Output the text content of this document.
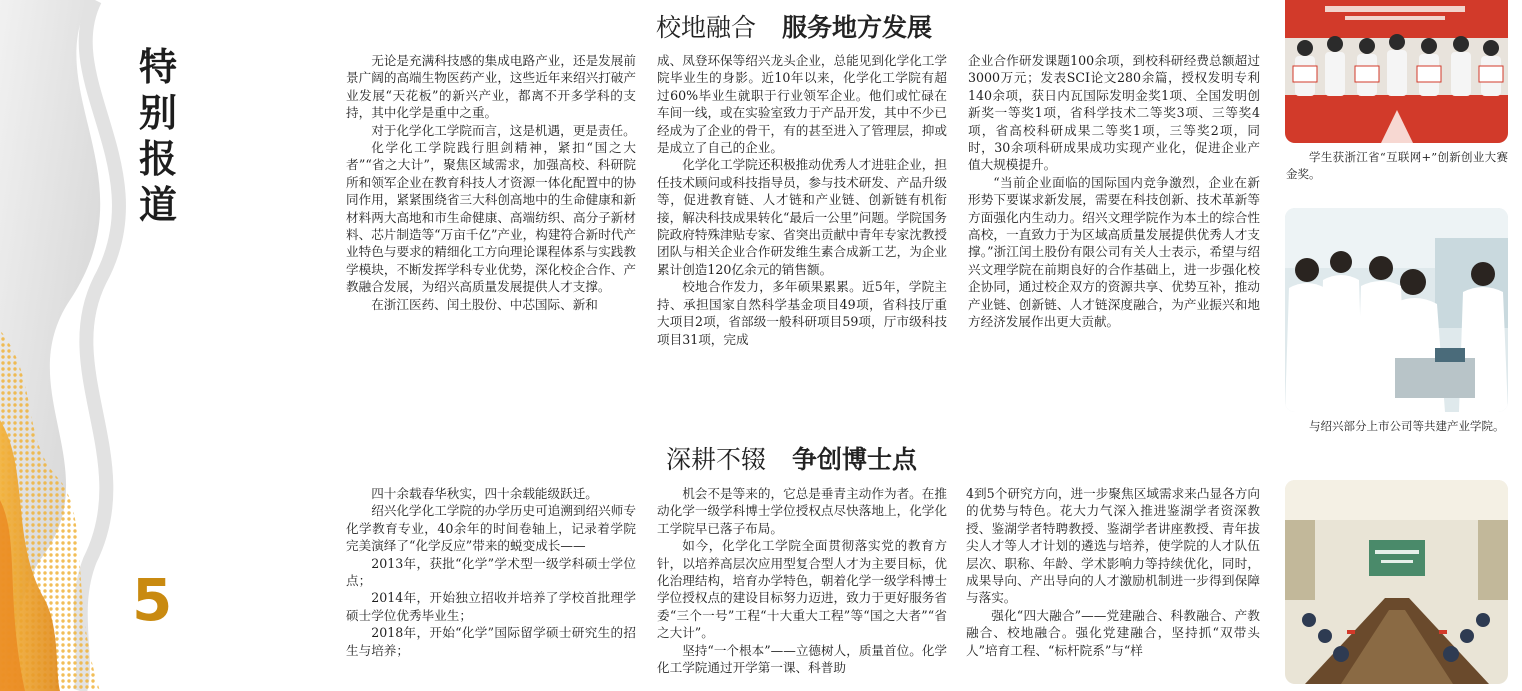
特别报道
5
校地融合 服务地方发展

无论是充满科技感的集成电路产业，还是发展前景广阔的高端生物医药产业，这些近年来绍兴打破产业发展“天花板”的新兴产业，都离不开多学科的支持，其中化学是重中之重。

对于化学化工学院而言，这是机遇，更是责任。

化学化工学院践行胆剑精神，紧扣“国之大者”“省之大计”，聚焦区域需求，加强高校、科研院所和领军企业在教育科技人才资源一体化配置中的协同作用，紧紧围绕省三大科创高地中的生命健康和新材料两大高地和市生命健康、高端纺织、高分子新材料、芯片制造等“万亩千亿”产业，构建符合新时代产业特色与要求的精细化工方向理论课程体系与实践教学模块，不断发挥学科专业优势，深化校企合作、产教融合发展，为绍兴高质量发展提供人才支撑。

在浙江医药、闰土股份、中芯国际、新和

成、凤登环保等绍兴龙头企业，总能见到化学化工学院毕业生的身影。近10年以来，化学化工学院有超过60%毕业生就职于行业领军企业。他们或忙碌在车间一线，或在实验室致力于产品开发，其中不少已经成为了企业的骨干，有的甚至进入了管理层，抑或是成立了自己的企业。

化学化工学院还积极推动优秀人才进驻企业，担任技术顾问或科技指导员，参与技术研发、产品升级等，促进教育链、人才链和产业链、创新链有机衔接，解决科技成果转化“最后一公里”问题。学院国务院政府特殊津贴专家、省突出贡献中青年专家沈教授团队与相关企业合作研发维生素合成新工艺，为企业累计创造120亿余元的销售额。

校地合作发力，多年硕果累累。近5年，学院主持、承担国家自然科学基金项目49项，省科技厅重大项目2项，省部级一般科研项目59项，厅市级科技项目31项，完成

企业合作研发课题100余项，到校科研经费总额超过3000万元；发表SCI论文280余篇，授权发明专利140余项，获日内瓦国际发明金奖1项、全国发明创新奖一等奖1项，省科学技术二等奖3项、三等奖4项，省高校科研成果二等奖1项，三等奖2项，同时，30余项科研成果成功实现产业化，促进企业产值大规模提升。

“当前企业面临的国际国内竞争激烈，企业在新形势下要谋求新发展，需要在科技创新、技术革新等方面强化内生动力。绍兴文理学院作为本土的综合性高校，一直致力于为区域高质量发展提供优秀人才支撑。”浙江闰土股份有限公司有关人士表示，希望与绍兴文理学院在前期良好的合作基础上，进一步强化校企协同，通过校企双方的资源共享、优势互补，推动产业链、创新链、人才链深度融合，为产业振兴和地方经济发展作出更大贡献。

深耕不辍 争创博士点

四十余载春华秋实，四十余载能级跃迁。

绍兴化学化工学院的办学历史可追溯到绍兴师专化学教育专业，40余年的时间卷轴上，记录着学院完美演绎了“化学反应”带来的蜕变成长——

2013年，获批“化学”学术型一级学科硕士学位点；

2014年，开始独立招收并培养了学校首批理学硕士学位优秀毕业生；

2018年，开始“化学”国际留学硕士研究生的招生与培养；

机会不是等来的，它总是垂青主动作为者。在推动化学一级学科博士学位授权点尽快落地上，化学化工学院早已落子布局。

如今，化学化工学院全面贯彻落实党的教育方针，以培养高层次应用型复合型人才为主要目标，优化治理结构，培育办学特色，朝着化学一级学科博士学位授权点的建设目标努力迈进，致力于更好服务省委“三个一号”工程“十大重大工程”等“国之大者”“省之大计”。

坚持“一个根本”——立德树人，质量首位。化学化工学院通过开学第一课、科普助

4到5个研究方向，进一步聚焦区域需求来凸显各方向的优势与特色。花大力气深入推进鉴湖学者资深教授、鉴湖学者特聘教授、鉴湖学者讲座教授、青年拔尖人才等人才计划的遴选与培养，使学院的人才队伍层次、职称、年龄、学术影响力等持续优化，同时，成果导向、产出导向的人才激励机制进一步得到保障与落实。

强化“四大融合”——党建融合、科教融合、产教融合、校地融合。强化党建融合，坚持抓“双带头人”培育工程、“标杆院系”与“样

学生获浙江省“互联网+”创新创业大赛金奖。
与绍兴部分上市公司等共建产业学院。
